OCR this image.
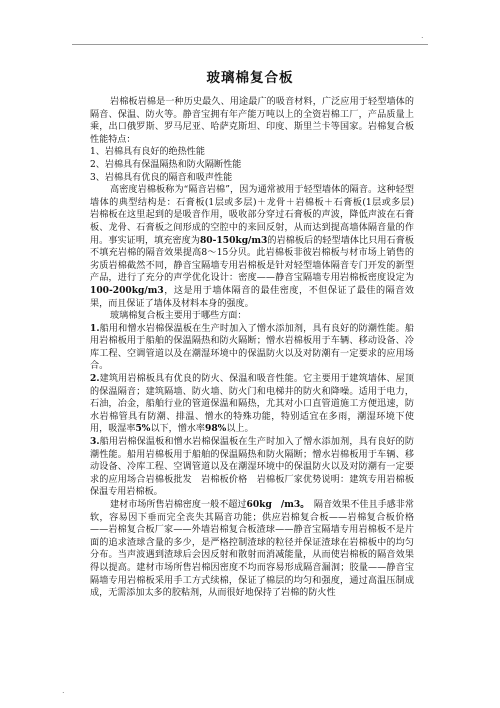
.
玻璃棉复合板

岩棉板岩棉是一种历史最久、用途最广的吸音材料，广泛应用于轻型墙体的隔音、保温、防火等。静音宝拥有年产能万吨以上的全资岩棉工厂，产品质量上乘，出口俄罗斯、罗马尼亚、哈萨克斯坦、印度、斯里兰卡等国家。岩棉复合板性能特点：

1、岩棉具有良好的绝热性能

2、岩棉具有保温隔热和防火隔断性能

3、岩棉具有优良的隔音和吸声性能

高密度岩棉板称为“隔音岩棉”，因为通常被用于轻型墙体的隔音。这种轻型墙体的典型结构是：石膏板(1层或多层)＋龙骨＋岩棉板＋石膏板(1层或多层)　岩棉板在这里起到的是吸音作用，吸收部分穿过石膏板的声波，降低声波在石膏板、龙骨、石膏板之间形成的空腔中的来回反射，从而达到提高墙体隔音量的作用。事实证明，填充密度为80-150kg/m3的岩棉板后的轻型墙体比只用石膏板不填充岩棉的隔音效果提高8～15分贝。此岩棉板非彼岩棉板与材市场上销售的劣质岩棉截然不同，静音宝隔墙专用岩棉板是针对轻型墙体隔音专门开发的新型产品，进行了充分的声学优化设计：密度——静音宝隔墙专用岩棉板密度设定为100-200kg/m3，这是用于墙体隔音的最佳密度，不但保证了最佳的隔音效果，而且保证了墙体及材料本身的强度。

玻璃棉复合板主要用于哪些方面：

1.船用和憎水岩棉保温板在生产时加入了憎水添加剂，具有良好的防潮性能。船用岩棉板用于船舶的保温隔热和防火隔断；憎水岩棉板用于车辆、移动设备、冷库工程、空调管道以及在潮湿环境中的保温防火以及对防潮有一定要求的应用场合。

2.建筑用岩棉板具有优良的防火、保温和吸音性能。它主要用于建筑墙体、屋顶的保温隔音；建筑隔墙、防火墙、防火门和电梯井的防火和降噪。适用于电力，石油，冶金，船舶行业的管道保温和隔热，尤其对小口直管道施工方便迅速，防水岩棉管具有防潮、排温、憎水的特殊功能，特别适宜在多雨，潮湿环境下使用，吸湿率5%以下，憎水率98%以上。

3.船用岩棉保温板和憎水岩棉保温板在生产时加入了憎水添加剂，具有良好的防潮性能。船用岩棉板用于船舶的保温隔热和防火隔断；憎水岩棉板用于车辆、移动设备、冷库工程、空调管道以及在潮湿环境中的保温防火以及对防潮有一定要求的应用场合岩棉板批发　岩棉板价格　岩棉板厂家优势说明：建筑专用岩棉板　保温专用岩棉板。

建材市场所售岩棉密度一般不超过60kg　/m3。　隔音效果不佳且手感非常软，容易因下垂而完全丧失其隔音功能；供应岩棉复合板——岩棉复合板价格——岩棉复合板厂家——外墙岩棉复合板渣球——静音宝隔墙专用岩棉板不是片面的追求渣球含量的多少，是严格控制渣球的粒径并保证渣球在岩棉板中的均匀分布。当声波遇到渣球后会因反射和散射而消减能量，从而使岩棉板的隔音效果得以提高。建材市场所售岩棉因密度不均而容易形成隔音漏洞；胶量——静音宝隔墙专用岩棉板采用手工方式续棉，保证了棉层的均匀和强度，通过高温压制成成，无需添加太多的胶粘剂，从而很好地保持了岩棉的防火性

.
